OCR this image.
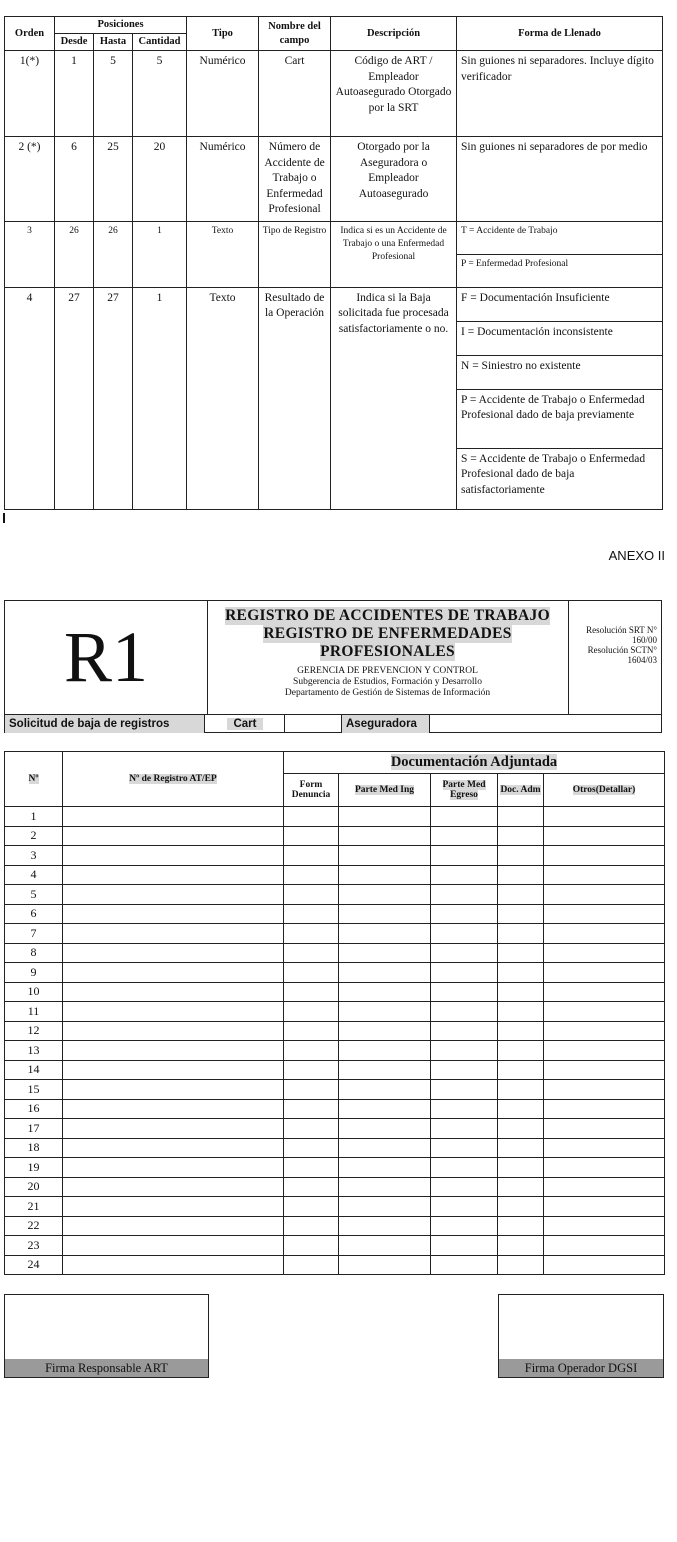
Orden	Posiciones			Tipo	Nombre del campo	Descripción	Forma de Llenado
	Desde	Hasta	Cantidad				
1(*)	1	5	5	Numérico	Cart	Código de ART / Empleador Autoasegurado Otorgado por la SRT	Sin guiones ni separadores. Incluye dígito verificador

2 (*)	6	25	20	Numérico	Número de Accidente de Trabajo o Enfermedad Profesional	Otorgado por la Aseguradora o Empleador Autoasegurado	Sin guiones ni separadores de por medio

3	26	26	1	Texto	Tipo de Registro	Indica si es un Accidente de Trabajo o una Enfermedad Profesional	T = Accidente de Trabajo
P = Enfermedad Profesional

4	27	27	1	Texto	Resultado de la Operación	Indica si la Baja solicitada fue procesada satisfactoriamente o no.	F = Documentación Insuficiente
I = Documentación inconsistente
N = Siniestro no existente
P = Accidente de Trabajo o Enfermedad Profesional dado de baja previamente
S = Accidente de Trabajo o Enfermedad Profesional dado de baja satisfactoriamente
ANEXO II
R1
REGISTRO DE ACCIDENTES DE TRABAJO
REGISTRO DE ENFERMEDADES
PROFESIONALES
GERENCIA DE PREVENCION Y CONTROL
Subgerencia de Estudios, Formación y Desarrollo
Departamento de Gestión de Sistemas de Información
Resolución SRT N°
160/00
Resolución SCTN°
1604/03
Solicitud de baja de registros	Cart	Aseguradora
Nº	Nº de Registro AT/EP	Documentación Adjuntada				
		Form Denuncia	Parte Med Ing	Parte Med Egreso	Doc. Adm	Otros(Detallar)
1						
2						
3						
4						
5						
6						
7						
8						
9						
10						
11						
12						
13						
14						
15						
16						
17						
18						
19						
20						
21						
22						
23						
24						
Firma Responsable ART	Firma Operador DGSI
